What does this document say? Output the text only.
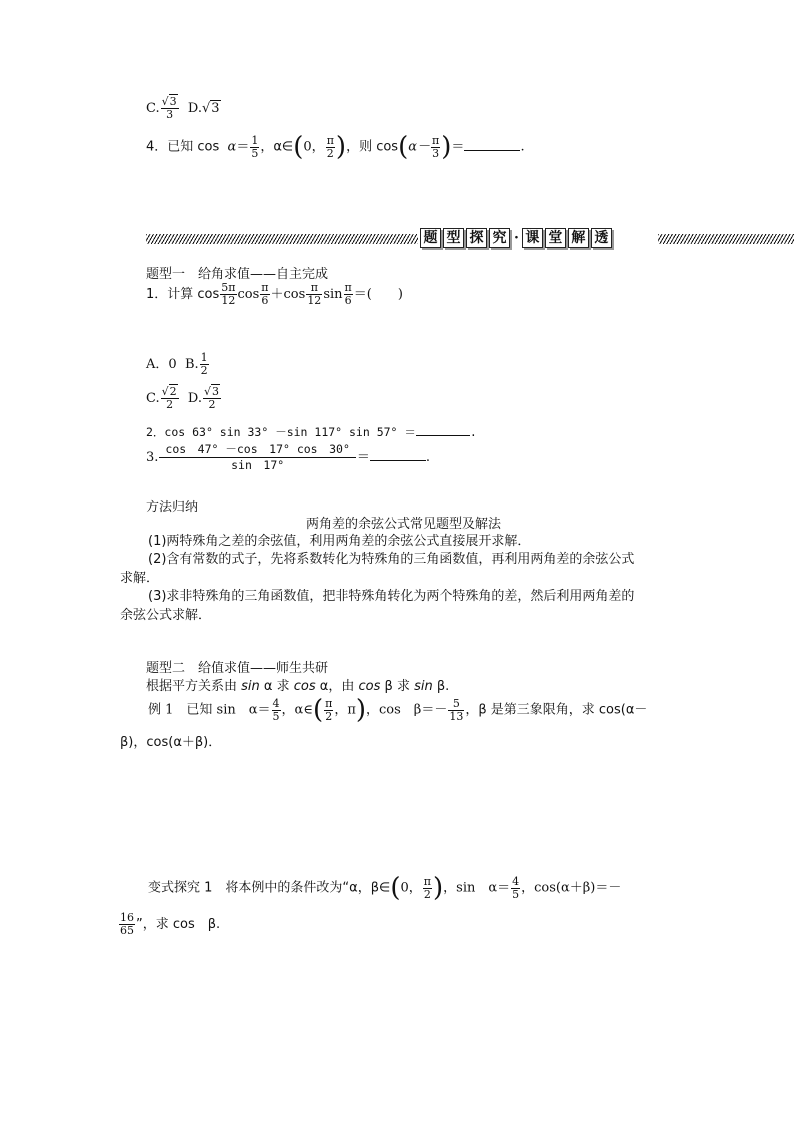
C. $\frac{√3}{3} D.√3$
4．已知 $\cos \alpha= \frac{1}{5}$ ，α∈(0， $\frac{\pi}{2}$ )，则 $\cos(\alpha- \frac{\pi}{3}$ )＝	.
题 型 探 究 · 课 堂 解 透
题型一　给角求值——自主完成
1．计算 $\cos \frac{5\pi}{12}$ $\cos \frac{\pi}{6} +\cos \frac{\pi}{12}$ $\sin \frac{\pi}{6}$ ＝(　　)
A．0 B. $\frac{1}{2}$
C. $\frac{√2}{2} D$. $\frac{√3}{2}$
2．cos 63° sin 33° －sin 117° sin 57° ＝	.
3. $\frac{\cos 47^\circ -\cos 17^\circ \cos 30^\circ}{\sin 17^\circ}$ ＝	.
方法归纳
两角差的余弦公式常见题型及解法
(1)两特殊角之差的余弦值，利用两角差的余弦公式直接展开求解．
(2)含有常数的式子，先将系数转化为特殊角的三角函数值，再利用两角差的余弦公式
求解．
(3)求非特殊角的三角函数值，把非特殊角转化为两个特殊角的差，然后利用两角差的
余弦公式求解．
题型二　给值求值——师生共研
根据平方关系由 sin α 求 cos α，由 cos β 求 sin β.
例 1　已知 sin　$\alpha= \frac{4}{5}$ ，α∈( $\frac{\pi}{2}$ ，π)，cos　$\beta=- \frac{5}{13}$ ，β 是第三象限角，求 cos(α－
β)，cos(α＋β)．
变式探究 1　将本例中的条件改为“α，β∈(0， $\frac{\pi}{2}$ )，sin　$\alpha= \frac{4}{5}$ ，cos(α＋β)＝－
$\frac{16}{65}$ ”，求 cos　β.
